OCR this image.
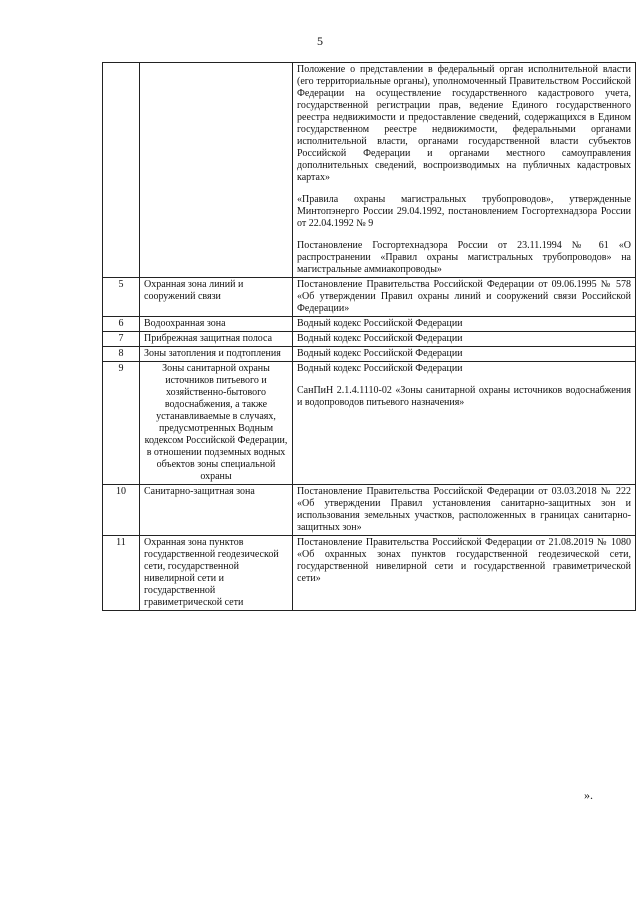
5

		Положение о представлении в федеральный орган исполнительной власти (его территориальные органы), уполномоченный Правительством Российской Федерации на осуществление государственного кадастрового учета, государственной регистрации прав, ведение Единого государственного реестра недвижимости и предоставление сведений, содержащихся в Едином государственном реестре недвижимости, федеральными органами исполнительной власти, органами государственной власти субъектов Российской Федерации и органами местного самоуправления дополнительных сведений, воспроизводимых на публичных кадастровых картах»

«Правила охраны магистральных трубопроводов», утвержденные Минтопэнерго России 29.04.1992, постановлением Госгортехнадзора России от 22.04.1992 № 9

Постановление Госгортехнадзора России от 23.11.1994 № 61 «О распространении «Правил охраны магистральных трубопроводов» на магистральные аммиакопроводы»

5	Охранная зона линий и сооружений связи	Постановление Правительства Российской Федерации от 09.06.1995 № 578 «Об утверждении Правил охраны линий и сооружений связи Российской Федерации»

6	Водоохранная зона	Водный кодекс Российской Федерации

7	Прибрежная защитная полоса	Водный кодекс Российской Федерации

8	Зоны затопления и подтопления	Водный кодекс Российской Федерации

9	Зоны санитарной охраны источников питьевого и хозяйственно-бытового водоснабжения, а также устанавливаемые в случаях, предусмотренных Водным кодексом Российской Федерации, в отношении подземных водных объектов зоны специальной охраны	Водный кодекс Российской Федерации

СанПиН 2.1.4.1110-02 «Зоны санитарной охраны источников водоснабжения и водопроводов питьевого назначения»

10	Санитарно-защитная зона	Постановление Правительства Российской Федерации от 03.03.2018 № 222 «Об утверждении Правил установления санитарно-защитных зон и использования земельных участков, расположенных в границах санитарно-защитных зон»

11	Охранная зона пунктов государственной геодезической сети, государственной нивелирной сети и государственной гравиметрической сети	Постановление Правительства Российской Федерации от 21.08.2019 № 1080 «Об охранных зонах пунктов государственной геодезической сети, государственной нивелирной сети и государственной гравиметрической сети»

».
